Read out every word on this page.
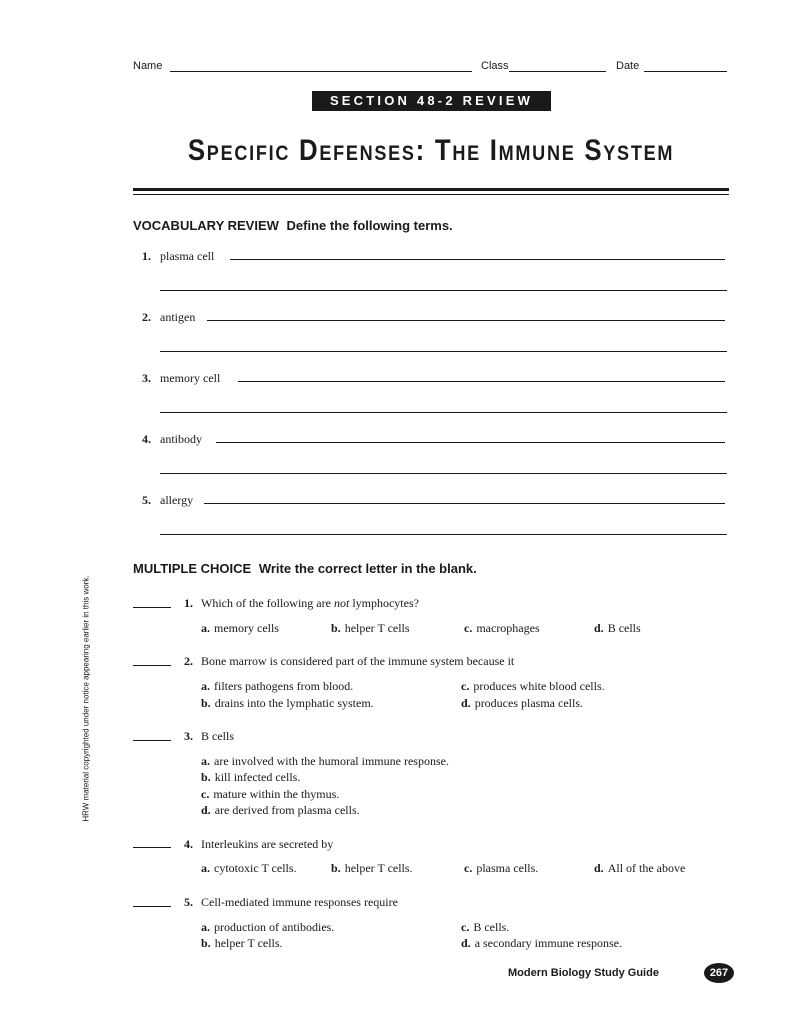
Name	Class	Date
SECTION 48-2 REVIEW
Specific Defenses: The Immune System
VOCABULARY REVIEW Define the following terms.
1. plasma cell
2. antigen
3. memory cell
4. antibody
5. allergy
MULTIPLE CHOICE Write the correct letter in the blank.
1. Which of the following are not lymphocytes?
a. memory cells	b. helper T cells	c. macrophages	d. B cells
2. Bone marrow is considered part of the immune system because it
a. filters pathogens from blood.	c. produces white blood cells.
b. drains into the lymphatic system.	d. produces plasma cells.
3. B cells
a. are involved with the humoral immune response.
b. kill infected cells.
c. mature within the thymus.
d. are derived from plasma cells.
4. Interleukins are secreted by
a. cytotoxic T cells.	b. helper T cells.	c. plasma cells.	d. All of the above
5. Cell-mediated immune responses require
a. production of antibodies.	c. B cells.
b. helper T cells.	d. a secondary immune response.
HRW material copyrighted under notice appearing earlier in this work.
Modern Biology Study Guide	267
